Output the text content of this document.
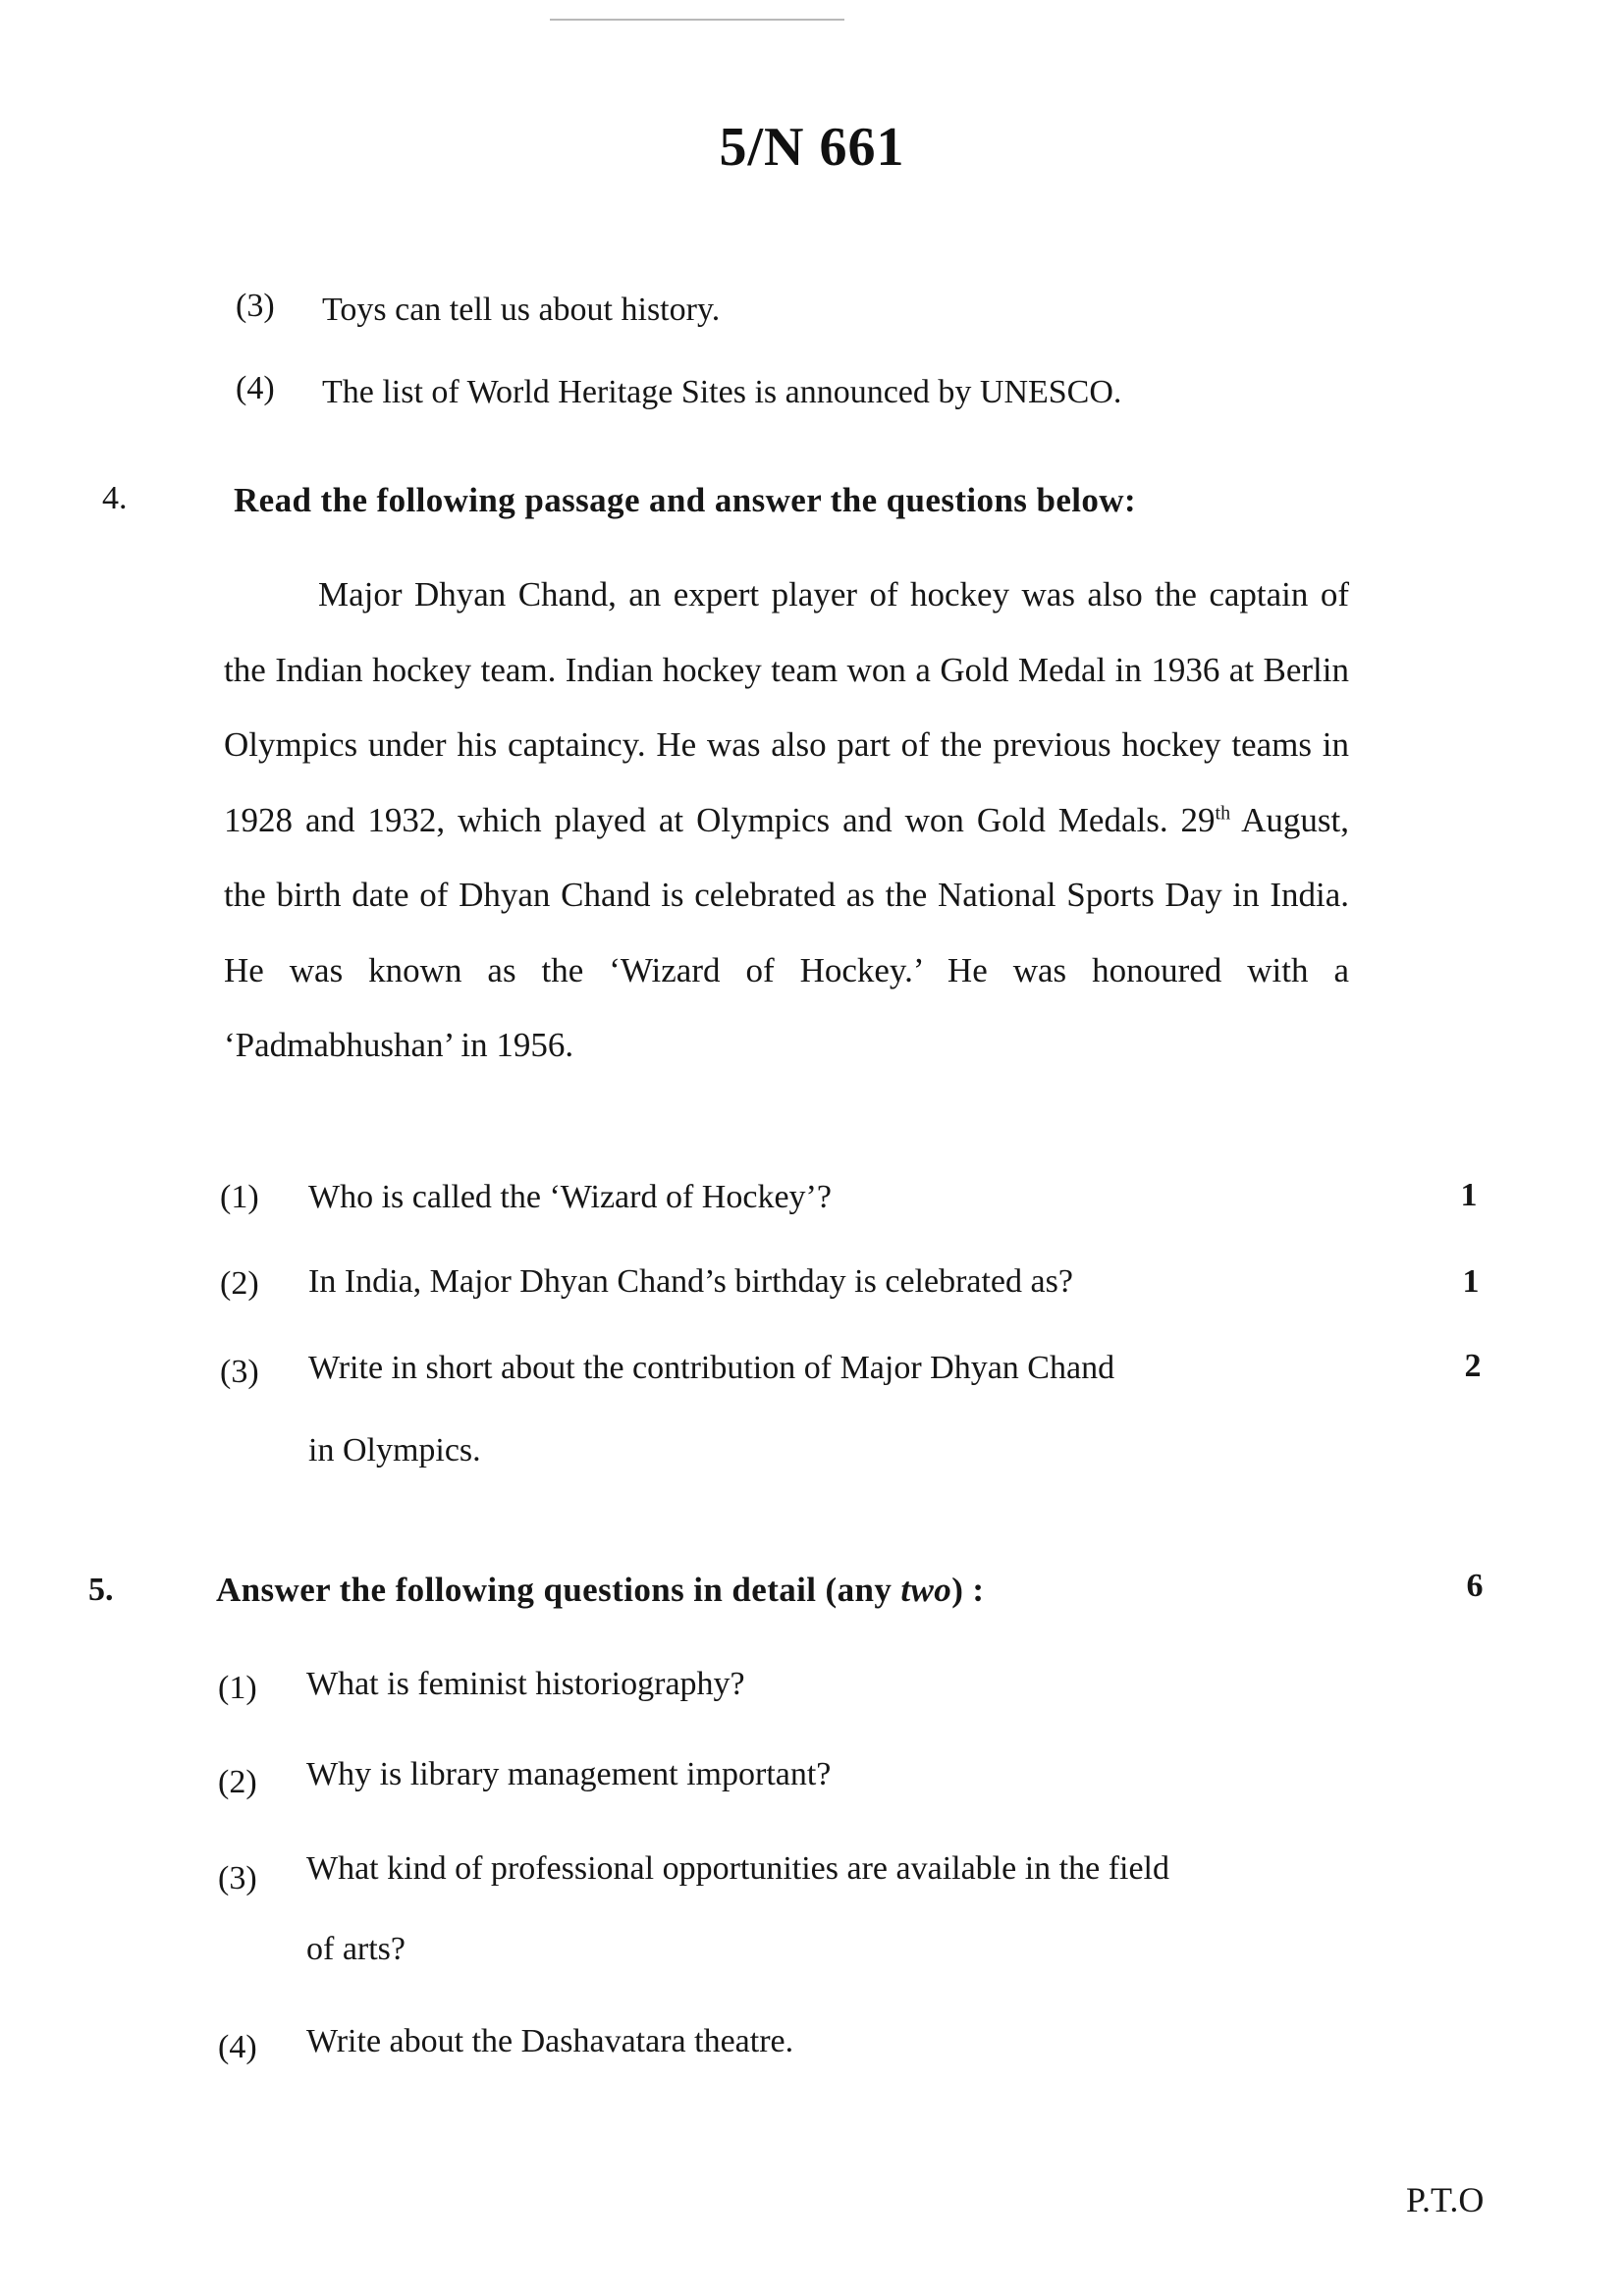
5/N 661
(3) Toys can tell us about history.
(4) The list of World Heritage Sites is announced by UNESCO.
4.	Read the following passage and answer the questions below:
Major Dhyan Chand, an expert player of hockey was also the captain of the Indian hockey team. Indian hockey team won a Gold Medal in 1936 at Berlin Olympics under his captaincy. He was also part of the previous hockey teams in 1928 and 1932, which played at Olympics and won Gold Medals. 29th August, the birth date of Dhyan Chand is celebrated as the National Sports Day in India. He was known as the ‘Wizard of Hockey.’ He was honoured with a ‘Padmabhushan’ in 1956.
(1) Who is called the ‘Wizard of Hockey’?	1
(2) In India, Major Dhyan Chand’s birthday is celebrated as?	1
(3) Write in short about the contribution of Major Dhyan Chand
in Olympics.
2
5.	Answer the following questions in detail (any two) :	6
(1) What is feminist historiography?
(2) Why is library management important?
(3) What kind of professional opportunities are available in the field
of arts?
(4) Write about the Dashavatara theatre.
P.T.O
